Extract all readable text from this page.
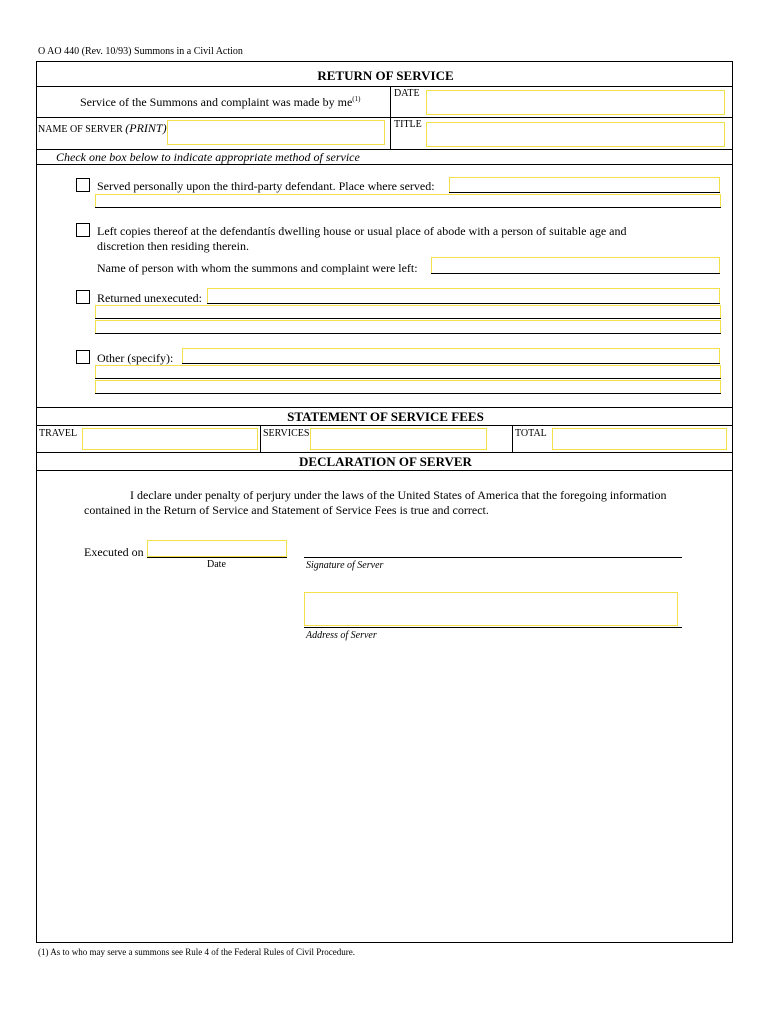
O AO 440 (Rev. 10/93) Summons in a Civil Action
RETURN OF SERVICE
Service of the Summons and complaint was made by $me^{(1)}$	DATE
NAME OF SERVER (PRINT)	TITLE
Check one box below to indicate appropriate method of service
Served personally upon the third-party defendant. Place where served:
Left copies thereof at the defendantís dwelling house or usual place of abode with a person of suitable age and
discretion then residing therein.
Name of person with whom the summons and complaint were left:
Returned unexecuted:
Other (specify):
STATEMENT OF SERVICE FEES
TRAVEL	SERVICES	TOTAL
DECLARATION OF SERVER
I declare under penalty of perjury under the laws of the United States of America that the foregoing information
contained in the Return of Service and Statement of Service Fees is true and correct.
Executed on
Date	Signature of Server
Address of Server
(1) As to who may serve a summons see Rule 4 of the Federal Rules of Civil Procedure.
